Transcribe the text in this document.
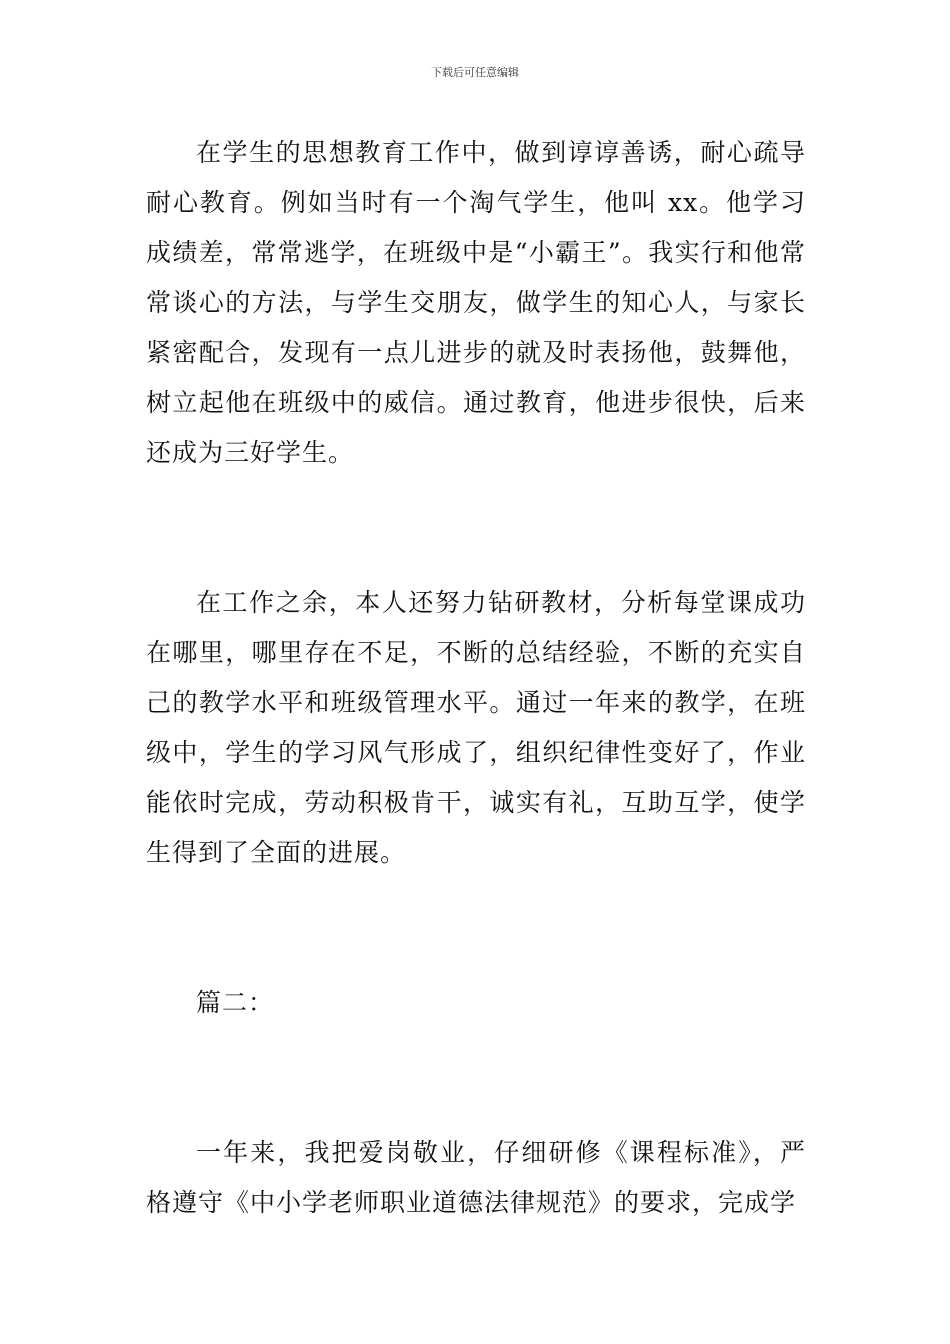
下载后可任意编辑

在学生的思想教育工作中，做到谆谆善诱，耐心疏导耐心教育。例如当时有一个淘气学生，他叫 xx。他学习成绩差，常常逃学，在班级中是“小霸王”。我实行和他常常谈心的方法，与学生交朋友，做学生的知心人，与家长紧密配合，发现有一点儿进步的就及时表扬他，鼓舞他，树立起他在班级中的威信。通过教育，他进步很快，后来还成为三好学生。

在工作之余，本人还努力钻研教材，分析每堂课成功在哪里，哪里存在不足，不断的总结经验，不断的充实自己的教学水平和班级管理水平。通过一年来的教学，在班级中，学生的学习风气形成了，组织纪律性变好了，作业能依时完成，劳动积极肯干，诚实有礼，互助互学，使学生得到了全面的进展。

篇二：

一年来，我把爱岗敬业，仔细研修《课程标准》，严格遵守《中小学老师职业道德法律规范》的要求，完成学
